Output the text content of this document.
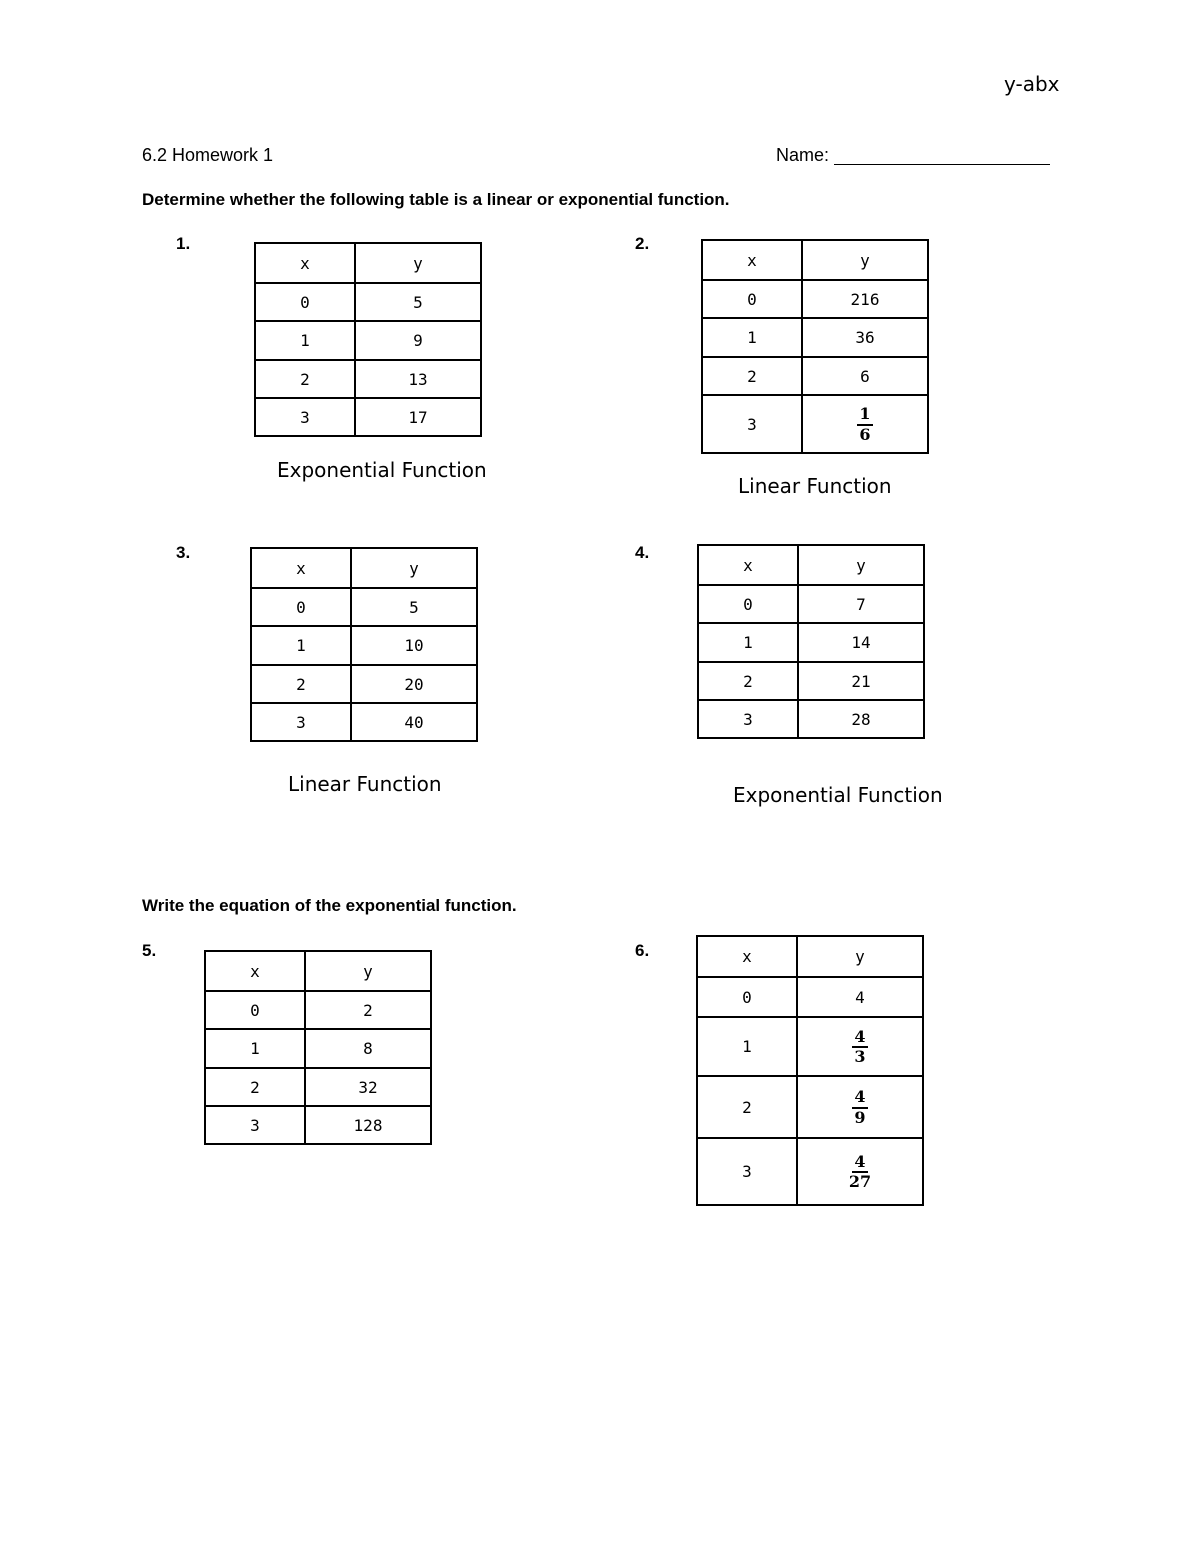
y-abx
6.2 Homework 1	Name:
Determine whether the following table is a linear or exponential function.
1.
x	y
0	5
1	9
2	13
3	17
Exponential Function
2.
x	y
0	216
1	36
2	6
3	$\frac{1}{6}$
Linear Function
3.
x	y
0	5
1	10
2	20
3	40
Linear Function
4.
x	y
0	7
1	14
2	21
3	28
Exponential Function
Write the equation of the exponential function.
5.
x	y
0	2
1	8
2	32
3	128
6.	x	y
0	4
1	$\frac{4}{3}$

2	$\frac{4}{9}$

3	$\frac{4}{27}$
